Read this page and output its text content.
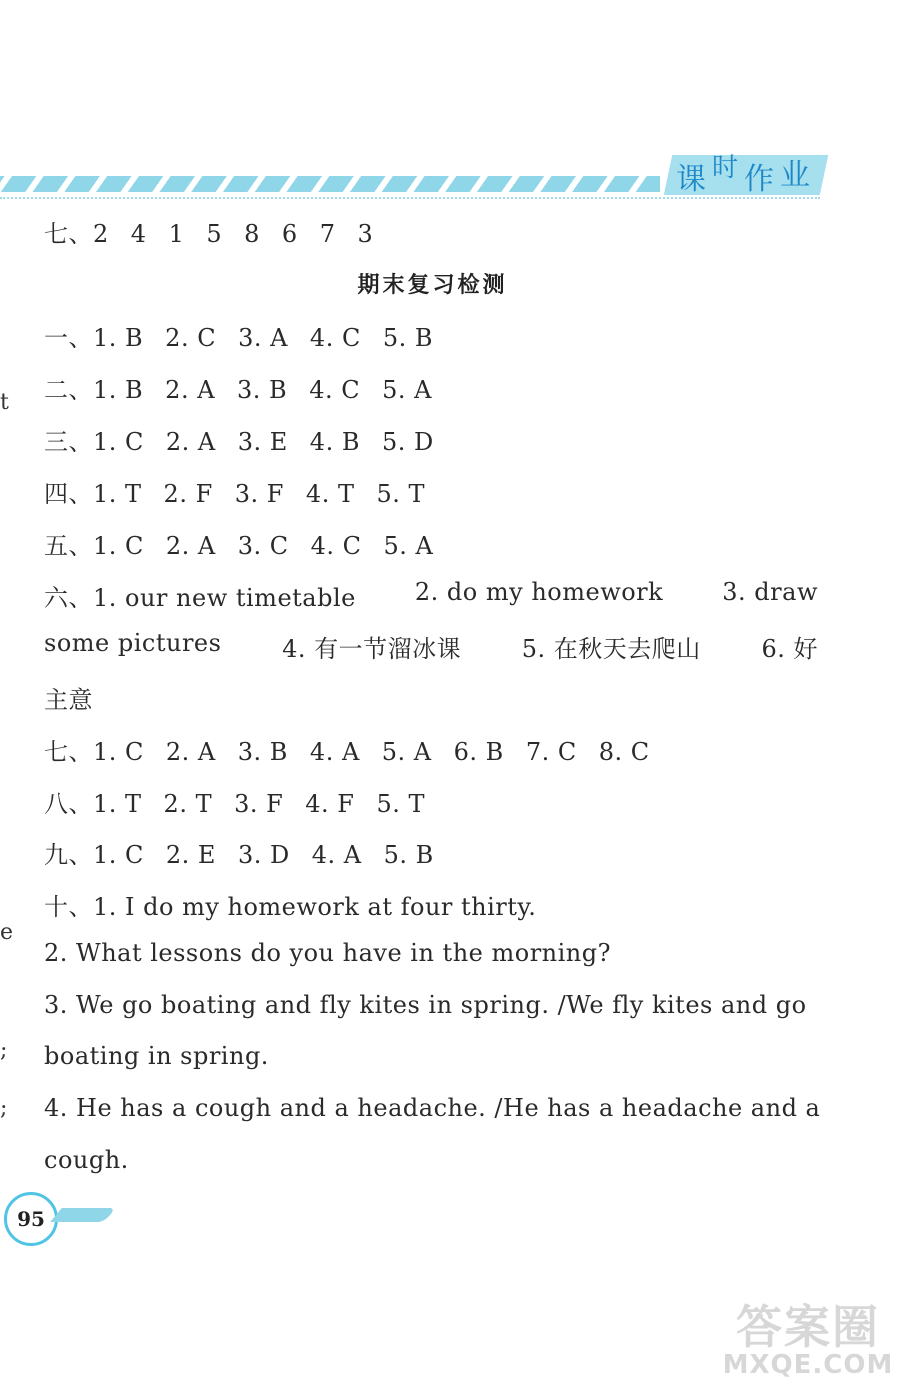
课 时 作 业
七、2 4 1 5 8 6 7 3
期末复习检测
一、1. B 2. C 3. A 4. C 5. B
二、1. B 2. A 3. B 4. C 5. A
三、1. C 2. A 3. E 4. B 5. D
四、1. T 2. F 3. F 4. T 5. T
五、1. C 2. A 3. C 4. C 5. A
六、1. our new timetable 2. do my homework 3. draw
some pictures	4. 有一节溜冰课	5. 在秋天去爬山	6. 好
主意
七、1. C 2. A 3. B 4. A 5. A 6. B 7. C 8. C
八、1. T 2. T 3. F 4. F 5. T
九、1. C 2. E 3. D 4. A 5. B
十、1. I do my homework at four thirty.
2. What lessons do you have in the morning?
3. We go boating and fly kites in spring. /We fly kites and go
boating in spring.
4. He has a cough and a headache. /He has a headache and a
cough.
t
e
;
;
95
答案圈
MXQE.COM
